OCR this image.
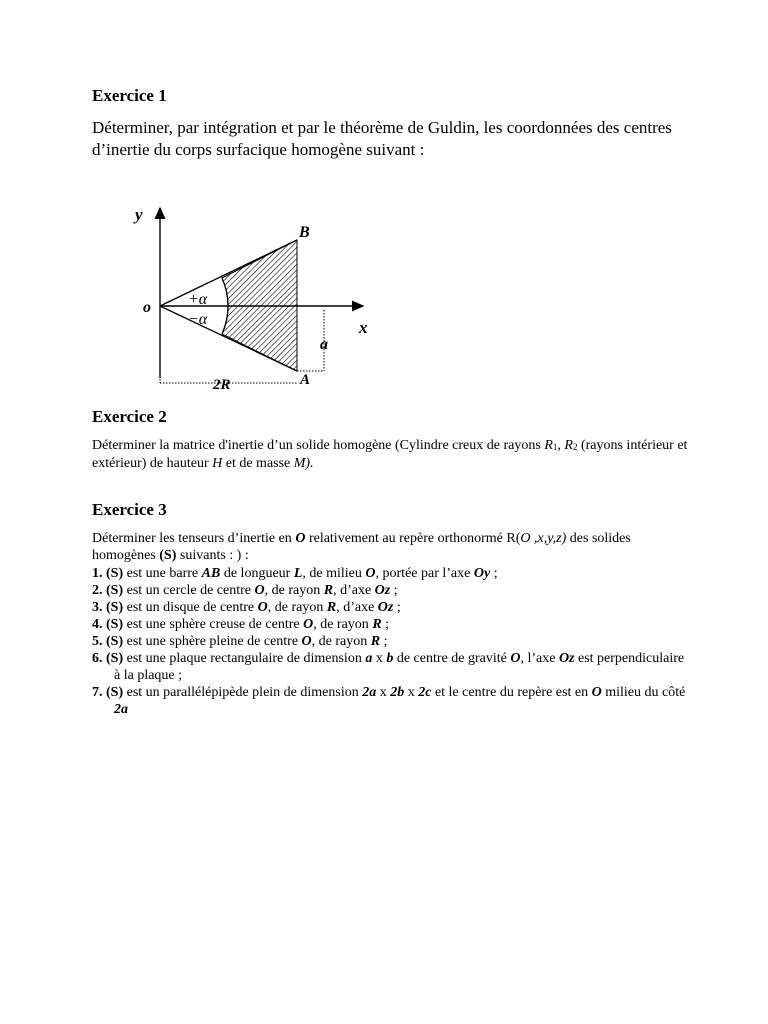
Exercice 1

Déterminer, par intégration et par le théorème de Guldin, les coordonnées des centres d’inertie du corps surfacique homogène suivant :

y
B
o +α
−α	x
a
A
2R
Exercice 2

Déterminer la matrice d'inertie d’un solide homogène (Cylindre creux de rayons $R_1$, $R_2$ (rayons intérieur et extérieur) de hauteur H et de masse M).

Exercice 3

Déterminer les tenseurs d’inertie en O relativement au repère orthonormé R(O ,x,y,z) des solides homogènes (S) suivants : ) :

1. (S) est une barre AB de longueur L, de milieu O, portée par l’axe Oy ;
2. (S) est un cercle de centre O, de rayon R, d’axe Oz ;
3. (S) est un disque de centre O, de rayon R, d’axe Oz ;
4. (S) est une sphère creuse de centre O, de rayon R ;
5. (S) est une sphère pleine de centre O, de rayon R ;
6. (S) est une plaque rectangulaire de dimension a x b de centre de gravité O, l’axe Oz est perpendiculaire à la plaque ;
7. (S) est un parallélépipède plein de dimension 2a x 2b x 2c et le centre du repère est en O milieu du côté 2a
